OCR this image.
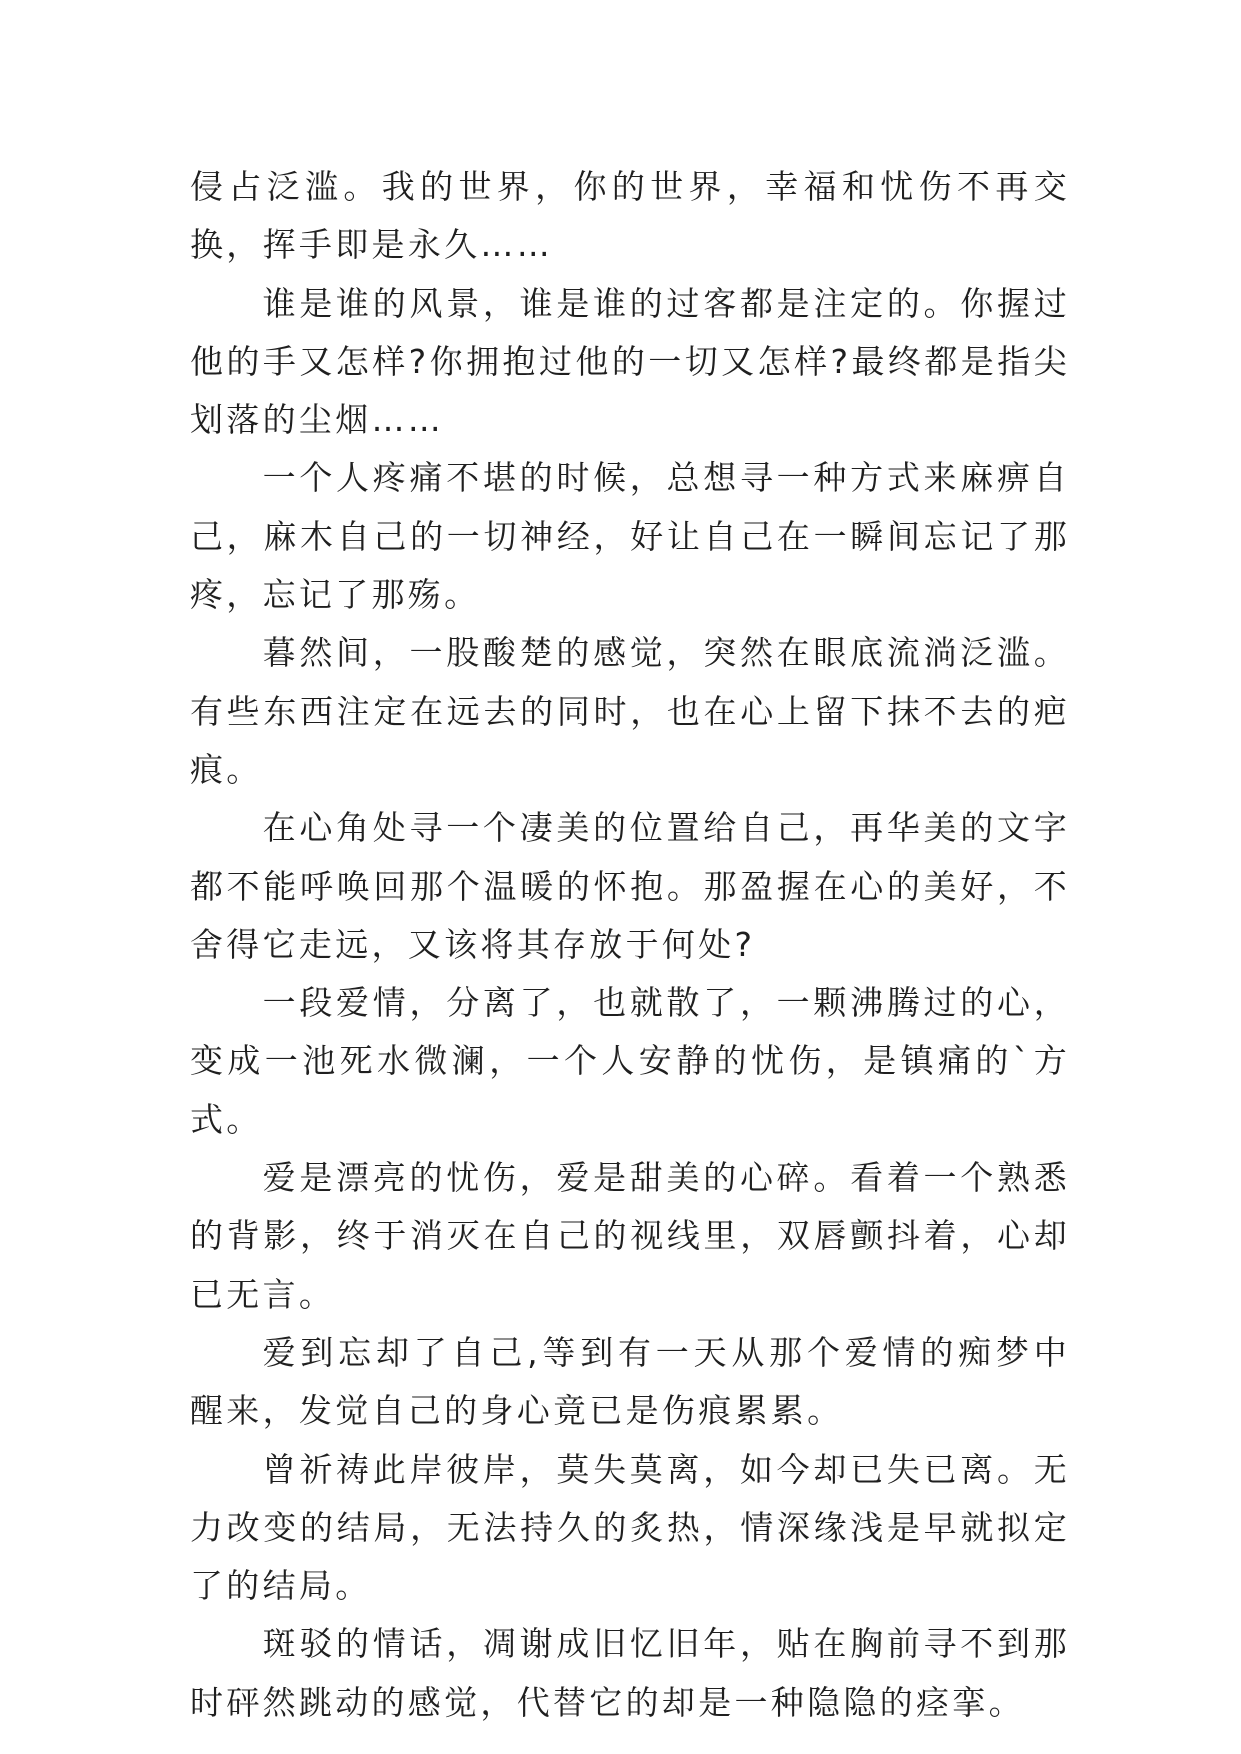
侵占泛滥。我的世界，你的世界，幸福和忧伤不再交换，挥手即是永久……

谁是谁的风景，谁是谁的过客都是注定的。你握过他的手又怎样?你拥抱过他的一切又怎样?最终都是指尖划落的尘烟……

一个人疼痛不堪的时候，总想寻一种方式来麻痹自己，麻木自己的一切神经，好让自己在一瞬间忘记了那疼，忘记了那殇。

暮然间，一股酸楚的感觉，突然在眼底流淌泛滥。有些东西注定在远去的同时，也在心上留下抹不去的疤痕。

在心角处寻一个凄美的位置给自己，再华美的文字都不能呼唤回那个温暖的怀抱。那盈握在心的美好，不舍得它走远，又该将其存放于何处?

一段爱情，分离了，也就散了，一颗沸腾过的心，变成一池死水微澜，一个人安静的忧伤，是镇痛的`方式。

爱是漂亮的忧伤，爱是甜美的心碎。看着一个熟悉的背影，终于消灭在自己的视线里，双唇颤抖着，心却已无言。

爱到忘却了自己,等到有一天从那个爱情的痴梦中醒来，发觉自己的身心竟已是伤痕累累。

曾祈祷此岸彼岸，莫失莫离，如今却已失已离。无力改变的结局，无法持久的炙热，情深缘浅是早就拟定了的结局。

斑驳的情话，凋谢成旧忆旧年，贴在胸前寻不到那时砰然跳动的感觉，代替它的却是一种隐隐的痉挛。
